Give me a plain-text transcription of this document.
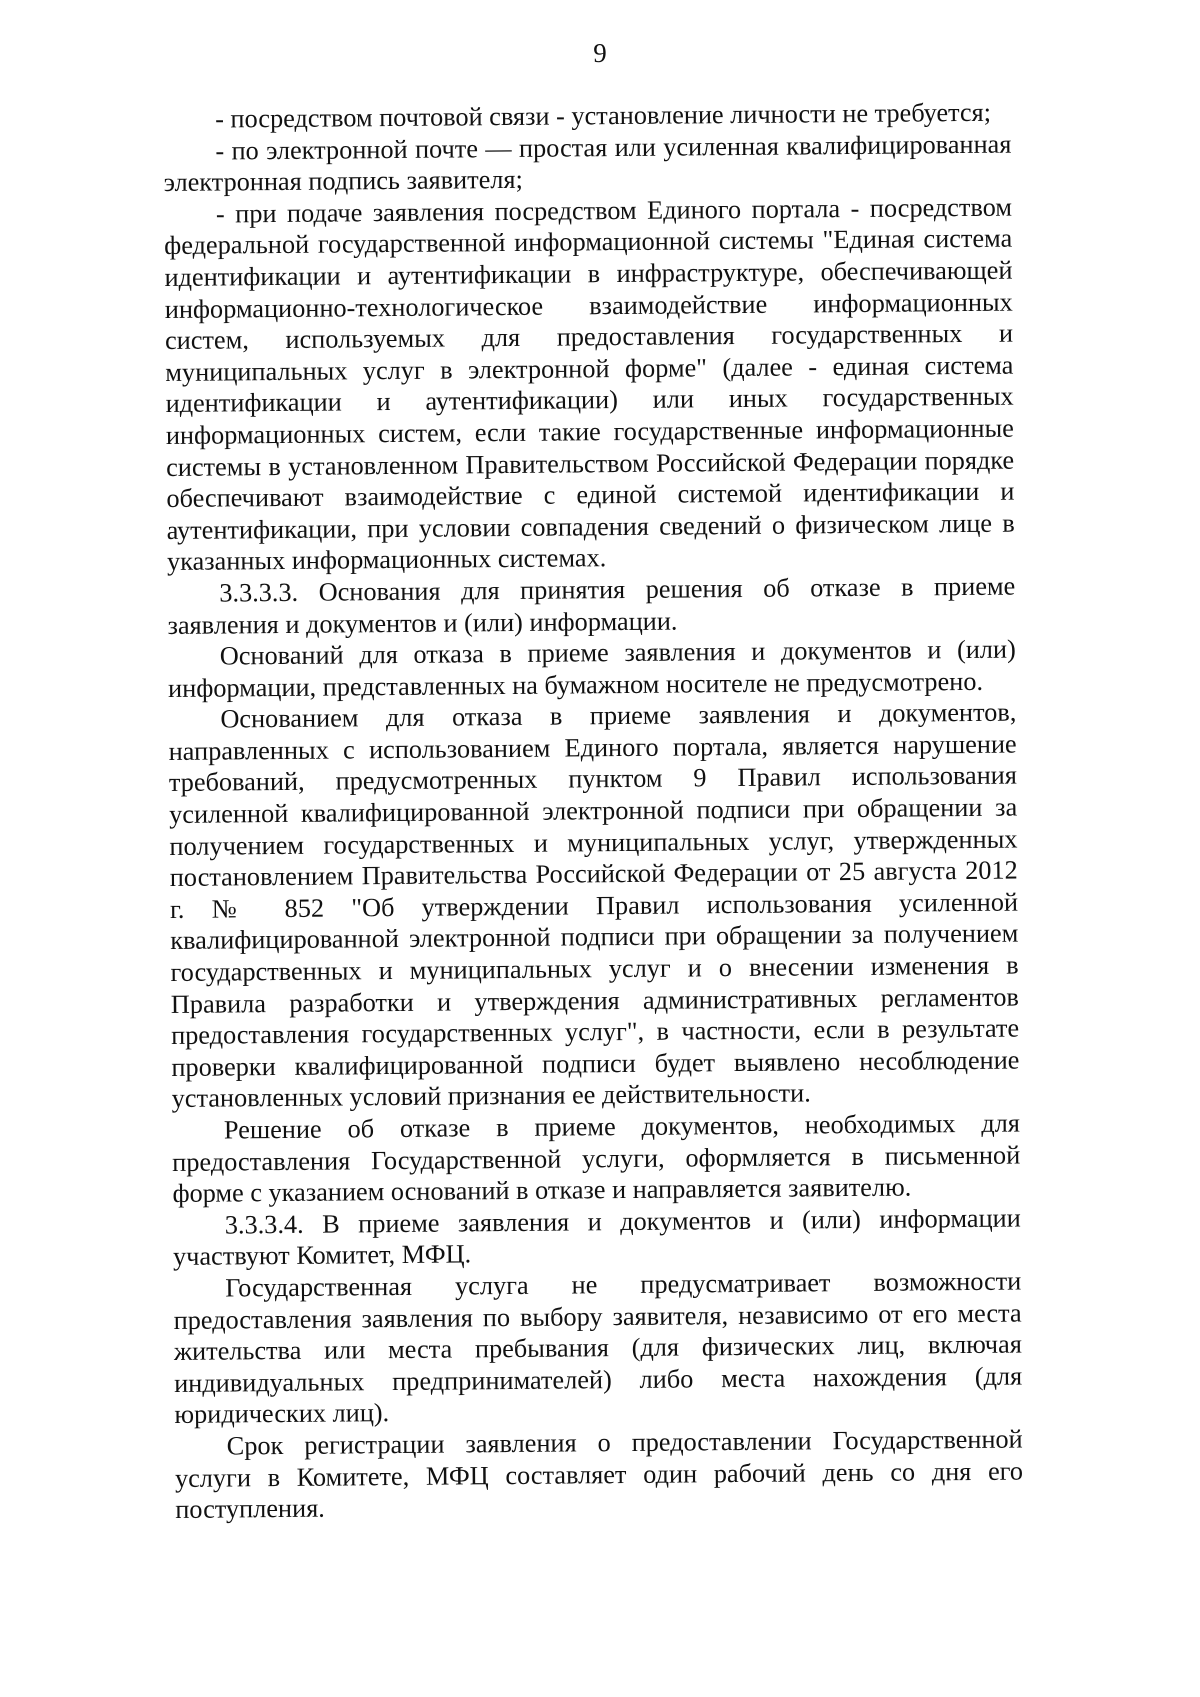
9

- посредством почтовой связи - установление личности не требуется;

- по электронной почте — простая или усиленная квалифицированная электронная подпись заявителя;

- при подаче заявления посредством Единого портала - посредством федеральной государственной информационной системы "Единая система идентификации и аутентификации в инфраструктуре, обеспечивающей информационно-технологическое взаимодействие информационных систем, используемых для предоставления государственных и муниципальных услуг в электронной форме" (далее - единая система идентификации и аутентификации) или иных государственных информационных систем, если такие государственные информационные системы в установленном Правительством Российской Федерации порядке обеспечивают взаимодействие с единой системой идентификации и аутентификации, при условии совпадения сведений о физическом лице в указанных информационных системах.

3.3.3.3. Основания для принятия решения об отказе в приеме заявления и документов и (или) информации.

Оснований для отказа в приеме заявления и документов и (или) информации, представленных на бумажном носителе не предусмотрено.

Основанием для отказа в приеме заявления и документов, направленных с использованием Единого портала, является нарушение требований, предусмотренных пунктом 9 Правил использования усиленной квалифицированной электронной подписи при обращении за получением государственных и муниципальных услуг, утвержденных постановлением Правительства Российской Федерации от 25 августа 2012 г. № 852 "Об утверждении Правил использования усиленной квалифицированной электронной подписи при обращении за получением государственных и муниципальных услуг и о внесении изменения в Правила разработки и утверждения административных регламентов предоставления государственных услуг", в частности, если в результате проверки квалифицированной подписи будет выявлено несоблюдение установленных условий признания ее действительности.

Решение об отказе в приеме документов, необходимых для предоставления Государственной услуги, оформляется в письменной форме с указанием оснований в отказе и направляется заявителю.

3.3.3.4. В приеме заявления и документов и (или) информации участвуют Комитет, МФЦ.

Государственная услуга не предусматривает возможности предоставления заявления по выбору заявителя, независимо от его места жительства или места пребывания (для физических лиц, включая индивидуальных предпринимателей) либо места нахождения (для юридических лиц).

Срок регистрации заявления о предоставлении Государственной услуги в Комитете, МФЦ составляет один рабочий день со дня его поступления.
